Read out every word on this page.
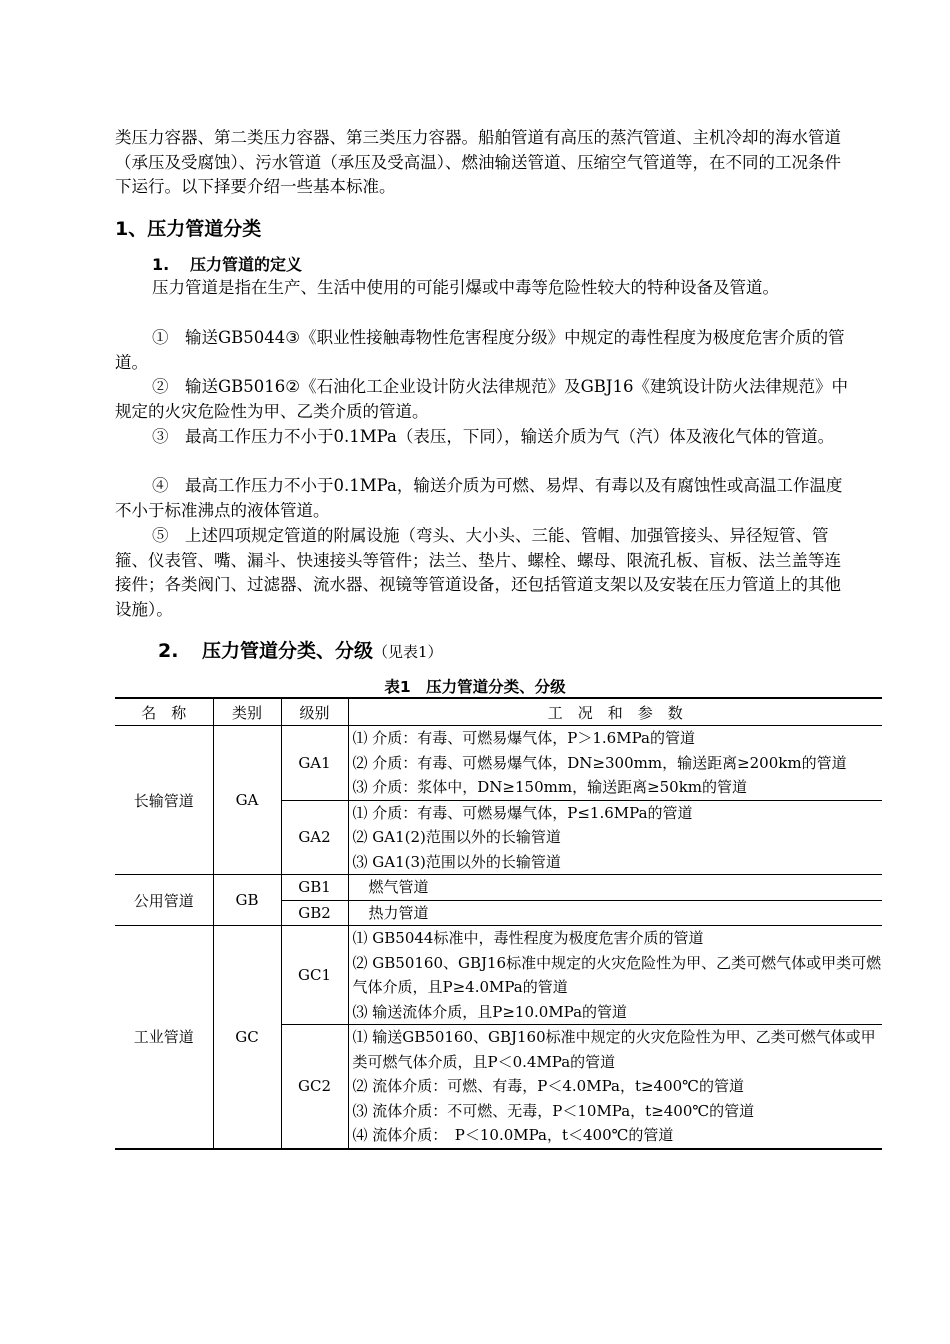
类压力容器、第二类压力容器、第三类压力容器。船舶管道有高压的蒸汽管道、主机冷却的海水管道（承压及受腐蚀）、污水管道（承压及受高温）、燃油输送管道、压缩空气管道等，在不同的工况条件下运行。以下择要介绍一些基本标准。

1、压力管道分类
1. 压力管道的定义

压力管道是指在生产、生活中使用的可能引爆或中毒等危险性较大的特种设备及管道。

①　输送GB5044③《职业性接触毒物性危害程度分级》中规定的毒性程度为极度危害介质的管道。

②　输送GB5016②《石油化工企业设计防火法律规范》及GBJ16《建筑设计防火法律规范》中规定的火灾危险性为甲、乙类介质的管道。

③　最高工作压力不小于0.1MPa（表压，下同），输送介质为气（汽）体及液化气体的管道。

④　最高工作压力不小于0.1MPa，输送介质为可燃、易焊、有毒以及有腐蚀性或高温工作温度不小于标准沸点的液体管道。

⑤　上述四项规定管道的附属设施（弯头、大小头、三能、管帽、加强管接头、异径短管、管箍、仪表管、嘴、漏斗、快速接头等管件；法兰、垫片、螺栓、螺母、限流孔板、盲板、法兰盖等连接件；各类阀门、过滤器、流水器、视镜等管道设备，还包括管道支架以及安装在压力管道上的其他设施）。

2. 压力管道分类、分级（见表1）

表1　压力管道分类、分级

名　称	类别	级别	工　况　和　参　数
长输管道	GA	GA1	⑴ 介质：有毒、可燃易爆气体，P＞1.6MPa的管道
⑵ 介质：有毒、可燃易爆气体，DN≥300mm，输送距离≥200km的管道
⑶ 介质：浆体中，DN≥150mm，输送距离≥50km的管道

		GA2	⑴ 介质：有毒、可燃易爆气体，P≤1.6MPa的管道
⑵ GA1(2)范围以外的长输管道
⑶ GA1(3)范围以外的长输管道

公用管道	GB	GB1	燃气管道

		GB2	热力管道

工业管道	GC	GC1	⑴ GB5044标准中，毒性程度为极度危害介质的管道
⑵ GB50160、GBJ16标准中规定的火灾危险性为甲、乙类可燃气体或甲类可燃气体介质，且P≥4.0MPa的管道
⑶ 输送流体介质，且P≥10.0MPa的管道

		GC2	⑴ 输送GB50160、GBJ160标准中规定的火灾危险性为甲、乙类可燃气体或甲类可燃气体介质，且P＜0.4MPa的管道
⑵ 流体介质：可燃、有毒，P＜4.0MPa，t≥400℃的管道
⑶ 流体介质：不可燃、无毒，P＜10MPa，t≥400℃的管道
⑷ 流体介质：　P＜10.0MPa，t＜400℃的管道
